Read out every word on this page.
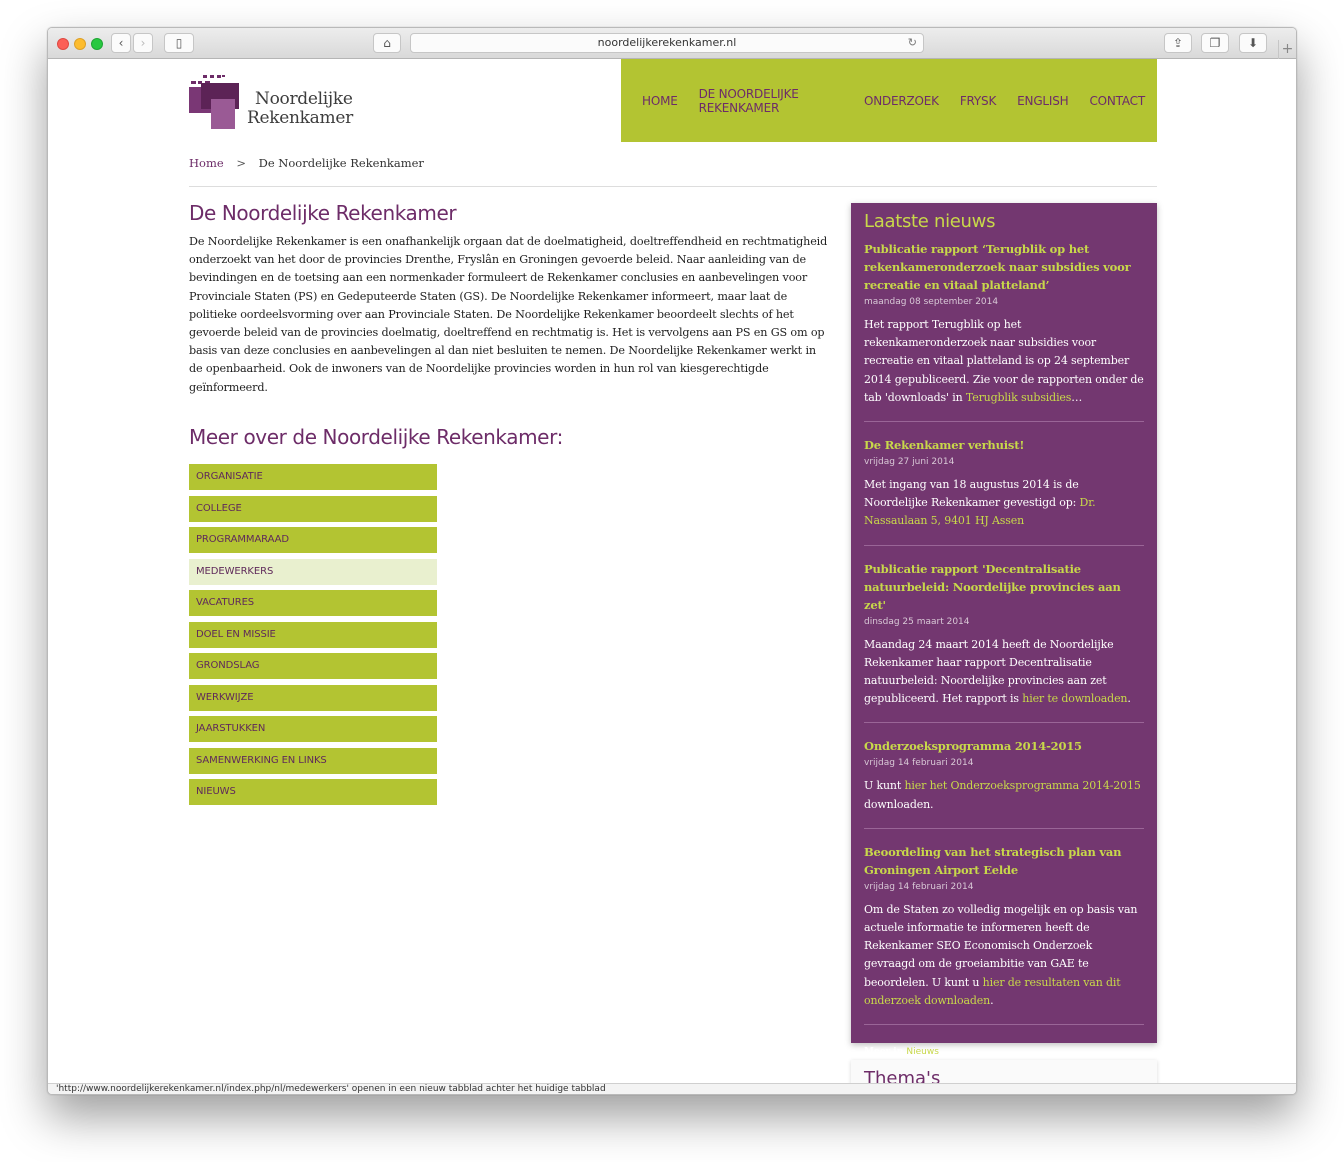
‹	›	▯	⌂	noordelijkerekenkamer.nl	↻	⇪	❐	⬇	+
Noordelijke
Rekenkamer
HOME DE NOORDELIJKE REKENKAMER	ONDERZOEK FRYSK ENGLISH CONTACT
Home > De Noordelijke Rekenkamer
De Noordelijke Rekenkamer

De Noordelijke Rekenkamer is een onafhankelijk orgaan dat de doelmatigheid, doeltreffendheid en rechtmatigheid onderzoekt van het door de provincies Drenthe, Fryslân en Groningen gevoerde beleid. Naar aanleiding van de bevindingen en de toetsing aan een normenkader formuleert de Rekenkamer conclusies en aanbevelingen voor Provinciale Staten (PS) en Gedeputeerde Staten (GS). De Noordelijke Rekenkamer informeert, maar laat de politieke oordeelsvorming over aan Provinciale Staten. De Noordelijke Rekenkamer beoordeelt slechts of het gevoerde beleid van de provincies doelmatig, doeltreffend en rechtmatig is. Het is vervolgens aan PS en GS om op basis van deze conclusies en aanbevelingen al dan niet besluiten te nemen. De Noordelijke Rekenkamer werkt in de openbaarheid. Ook de inwoners van de Noordelijke provincies worden in hun rol van kiesgerechtigde geïnformeerd.

Meer over de Noordelijke Rekenkamer:
ORGANISATIE
COLLEGE
PROGRAMMARAAD
MEDEWERKERS
VACATURES
DOEL EN MISSIE
GRONDSLAG
WERKWIJZE
JAARSTUKKEN
SAMENWERKING EN LINKS
NIEUWS
Laatste nieuws
Publicatie rapport ‘Terugblik op het rekenkameronderzoek naar subsidies voor recreatie en vitaal platteland’
maandag 08 september 2014
Het rapport Terugblik op het rekenkameronderzoek naar subsidies voor recreatie en vitaal platteland is op 24 september 2014 gepubliceerd. Zie voor de rapporten onder de tab 'downloads' in Terugblik subsidies…
De Rekenkamer verhuist!
vrijdag 27 juni 2014
Met ingang van 18 augustus 2014 is de Noordelijke Rekenkamer gevestigd op: Dr. Nassaulaan 5, 9401 HJ Assen
Publicatie rapport 'Decentralisatie natuurbeleid: Noordelijke provincies aan zet'
dinsdag 25 maart 2014
Maandag 24 maart 2014 heeft de Noordelijke Rekenkamer haar rapport Decentralisatie natuurbeleid: Noordelijke provincies aan zet gepubliceerd. Het rapport is hier te downloaden.
Onderzoeksprogramma 2014-2015
vrijdag 14 februari 2014
U kunt hier het Onderzoeksprogramma 2014-2015 downloaden.
Beoordeling van het strategisch plan van Groningen Airport Eelde
vrijdag 14 februari 2014
Om de Staten zo volledig mogelijk en op basis van actuele informatie te informeren heeft de Rekenkamer SEO Economisch Onderzoek gevraagd om de groeiambitie van GAE te beoordelen. U kunt u hier de resultaten van dit onderzoek downloaden.
Meer in Nieuws
Thema's
'http://www.noordelijkerekenkamer.nl/index.php/nl/medewerkers' openen in een nieuw tabblad achter het huidige tabblad
